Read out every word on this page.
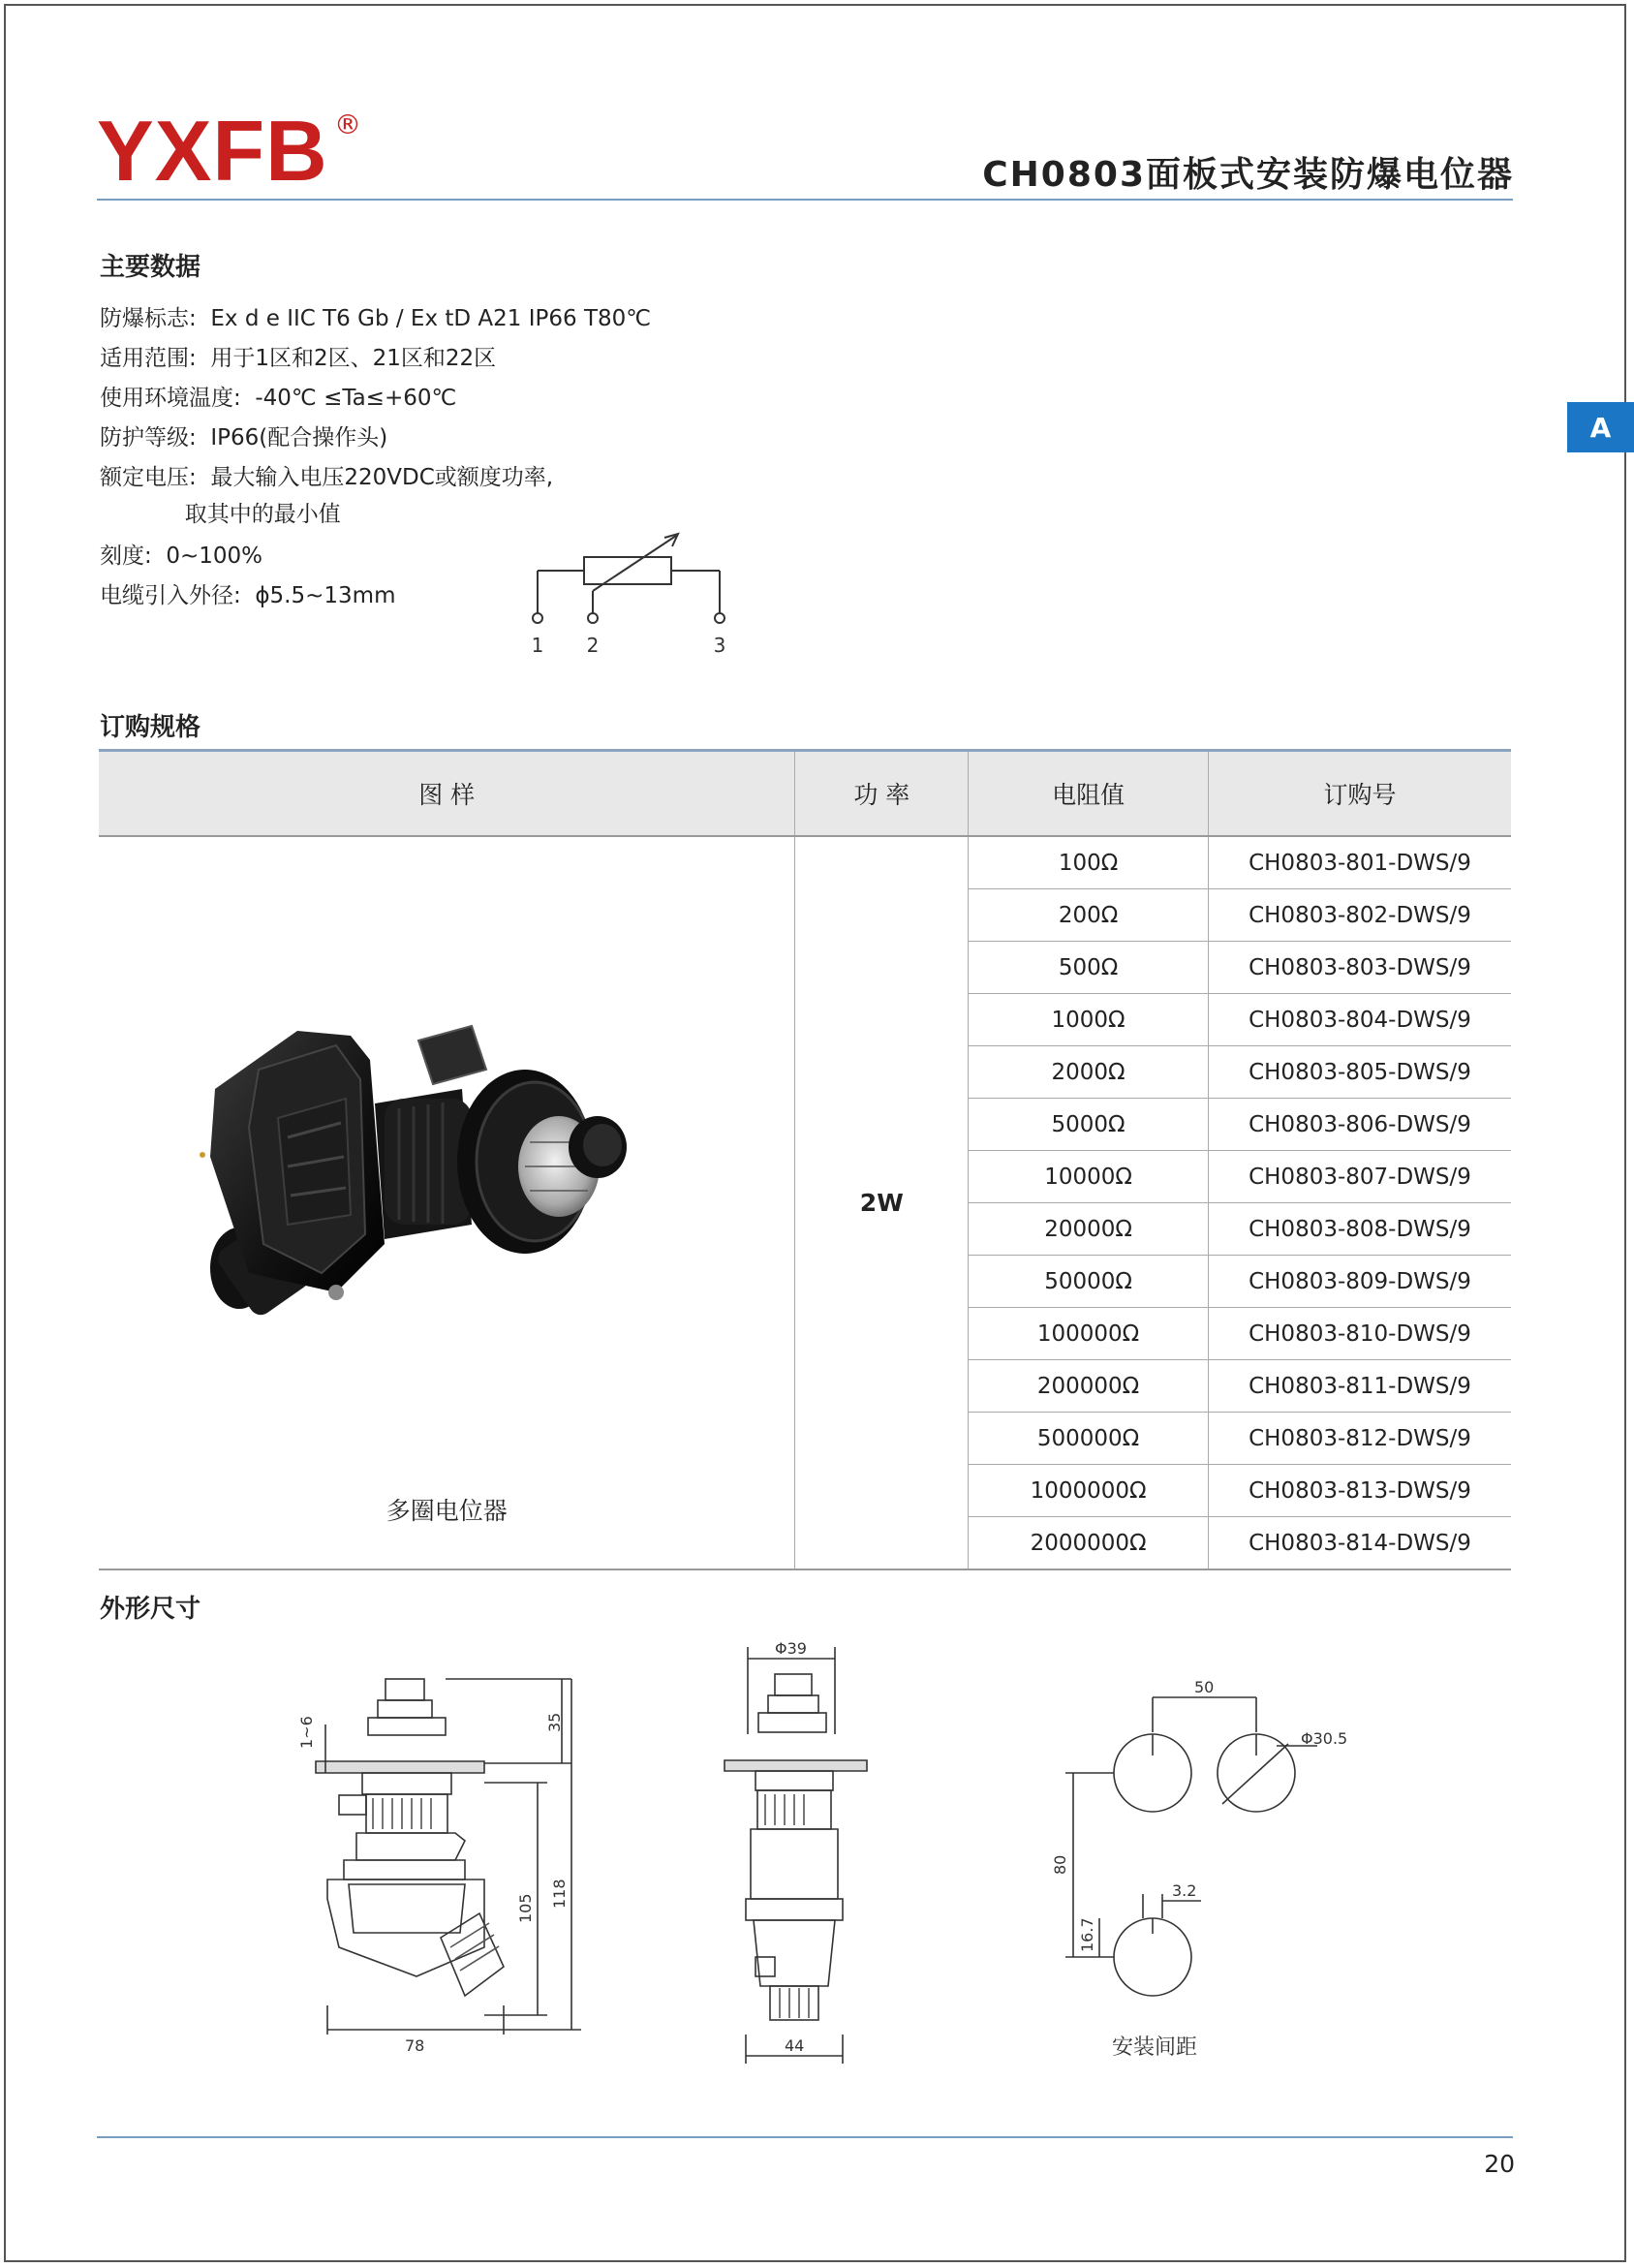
YXFB ®
CH0803面板式安装防爆电位器
A
主要数据
防爆标志:  Ex d e IIC T6 Gb / Ex tD A21 IP66 T80℃
适用范围:  用于1区和2区、21区和22区
使用环境温度:  -40℃ ≤Ta≤+60℃
防护等级:  IP66(配合操作头)
额定电压:  最大输入电压220VDC或额度功率,
取其中的最小值
刻度:  0~100%
电缆引入外径:  ϕ5.5~13mm
1 2	3
订购规格
图 样	功 率	电阻值	订购号

多圈电位器	2W	100Ω	CH0803-801-DWS/9
		200Ω	CH0803-802-DWS/9
		500Ω	CH0803-803-DWS/9
		1000Ω	CH0803-804-DWS/9
		2000Ω	CH0803-805-DWS/9
		5000Ω	CH0803-806-DWS/9
		10000Ω	CH0803-807-DWS/9
		20000Ω	CH0803-808-DWS/9
		50000Ω	CH0803-809-DWS/9
		100000Ω	CH0803-810-DWS/9
		200000Ω	CH0803-811-DWS/9
		500000Ω	CH0803-812-DWS/9
		1000000Ω	CH0803-813-DWS/9
		2000000Ω	CH0803-814-DWS/9
外形尺寸
1~6	35
105 118
78
Φ39
44
50
Φ30.5
80
3.2
16.7
安装间距
20
